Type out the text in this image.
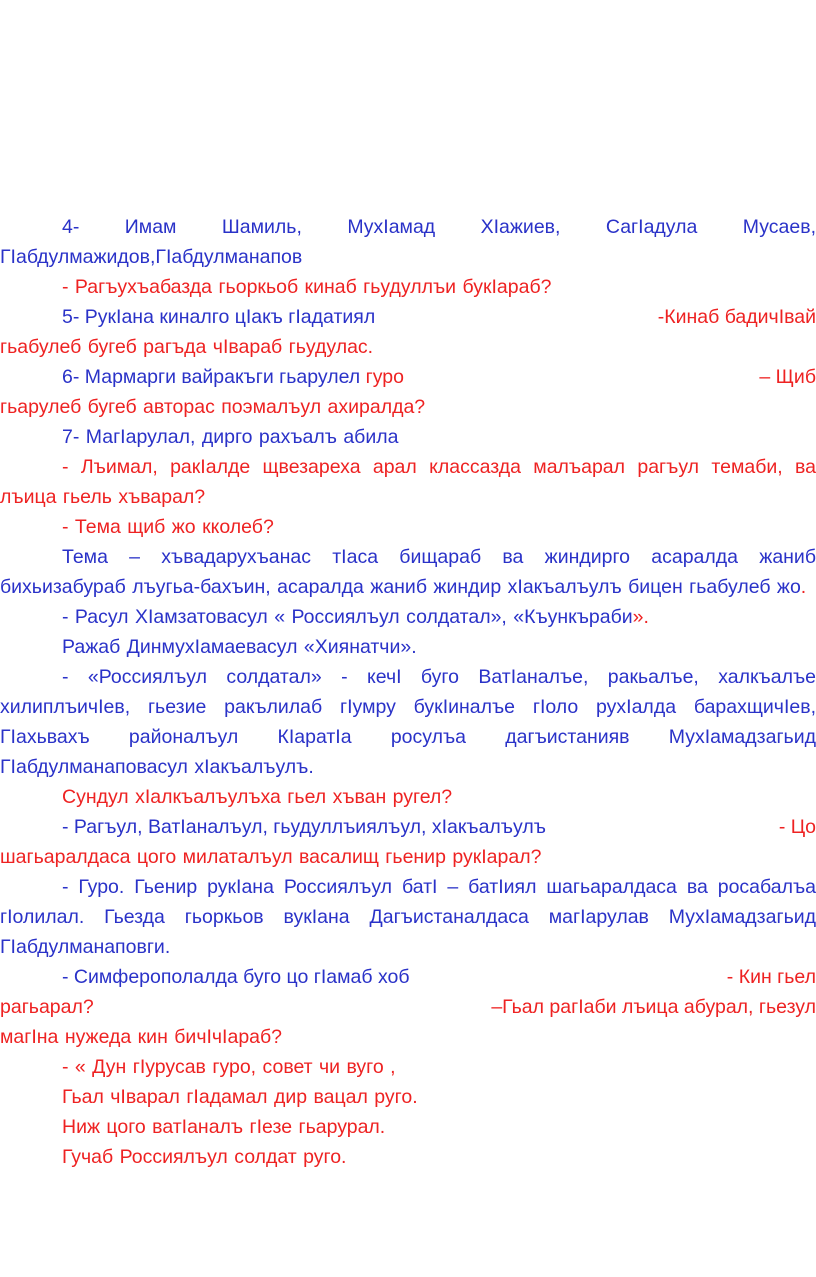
4- Имам Шамиль, МухӀамад ХӀажиев, СагӀадула Мусаев, ГӀабдулмажидов,ГӀабдулманапов

- Рагъухъабазда гьоркьоб кинаб гьудуллъи букӀараб?

5- РукӀана киналго цӀакъ гӀадатиял	-Кинаб бадичӀвай

гьабулеб бугеб рагъда чӀвараб гьудулас.

6- Мармарги вайракъги гьарулел гуро	– Щиб

гьарулеб бугеб авторас поэмалъул ахиралда?

7- МагӀарулал, дирго рахъалъ абила

- Лъимал, ракӀалде щвезареха арал классазда малъарал рагъул темаби, ва лъица гьель хъварал?

- Тема щиб жо кколеб?

Тема – хъвадарухъанас тӀаса бищараб ва жиндирго асаралда жаниб бихьизабураб лъугьа-бахъин, асаралда жаниб жиндир хӀакъалъулъ бицен гьабулеб жо.

- Расул ХӀамзатовасул « Россиялъул солдатал», «Къункъраби».

Ражаб ДинмухӀамаевасул «Хиянатчи».

- «Россиялъул солдатал» - кечӀ буго ВатӀаналъе, ракьалъе, халкъалъе хилиплъичӀев, гьезие ракълилаб гӀумру букӀиналъе гӀоло рухӀалда барахщичӀев, ГӀахьвахъ районалъул КӀаратӀа росулъа дагъистанияв МухӀамадзагьид ГӀабдулманаповасул хӀакъалъулъ.

Сундул хӀалкъалъулъха гьел хъван ругел?

- Рагъул, ВатӀаналъул, гьудуллъиялъул, хӀакъалъулъ	- Цо

шагьаралдаса цого милаталъул васалищ гьенир рукӀарал?

- Гуро. Гьенир рукӀана Россиялъул батӀ – батӀиял шагьаралдаса ва росабалъа гӀолилал. Гьезда гьоркьов вукӀана Дагъистаналдаса магӀарулав МухӀамадзагьид ГӀабдулманаповги.

- Симферополалда буго цо гӀамаб хоб	- Кин гьел
рагьарал?	–Гьал рагӀаби лъица абурал, гьезул

магӀна нужеда кин бичӀчӀараб?

- « Дун гӀурусав гуро, совет чи вуго ,

Гьал чӀварал гӀадамал дир вацал руго.

Ниж цого ватӀаналъ гӀезе гьарурал.

Гучаб Россиялъул солдат руго.
